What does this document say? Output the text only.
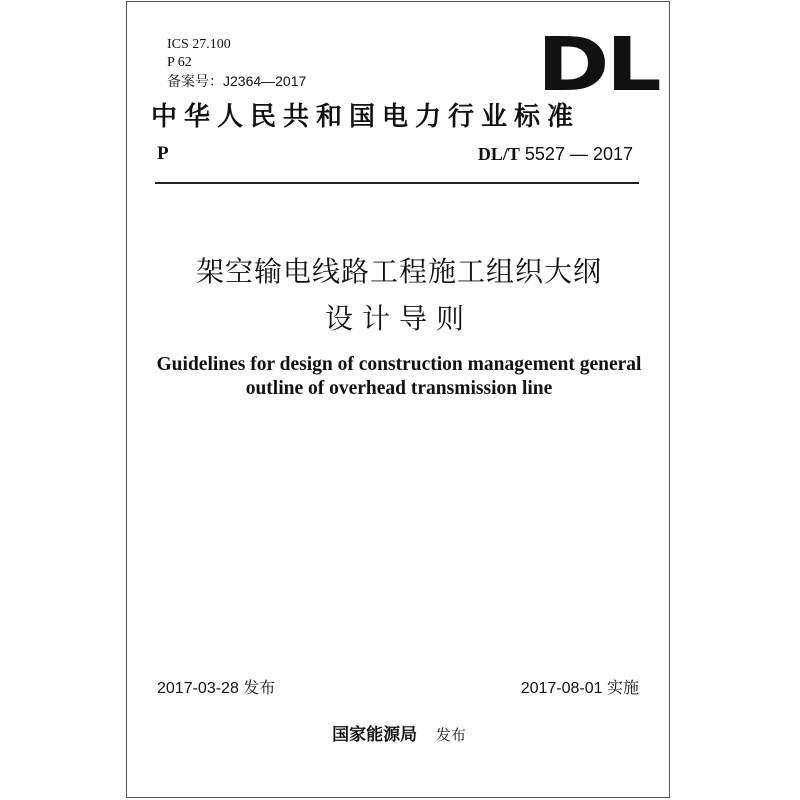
ICS 27.100
P 62
备案号：J2364—2017	DL
中华人民共和国电力行业标准
P	DL/T 5527 — 2017
架空输电线路工程施工组织大纲
设计导则
Guidelines for design of construction management general
outline of overhead transmission line
2017-03-28 发布	2017-08-01 实施
国家能源局 发布
